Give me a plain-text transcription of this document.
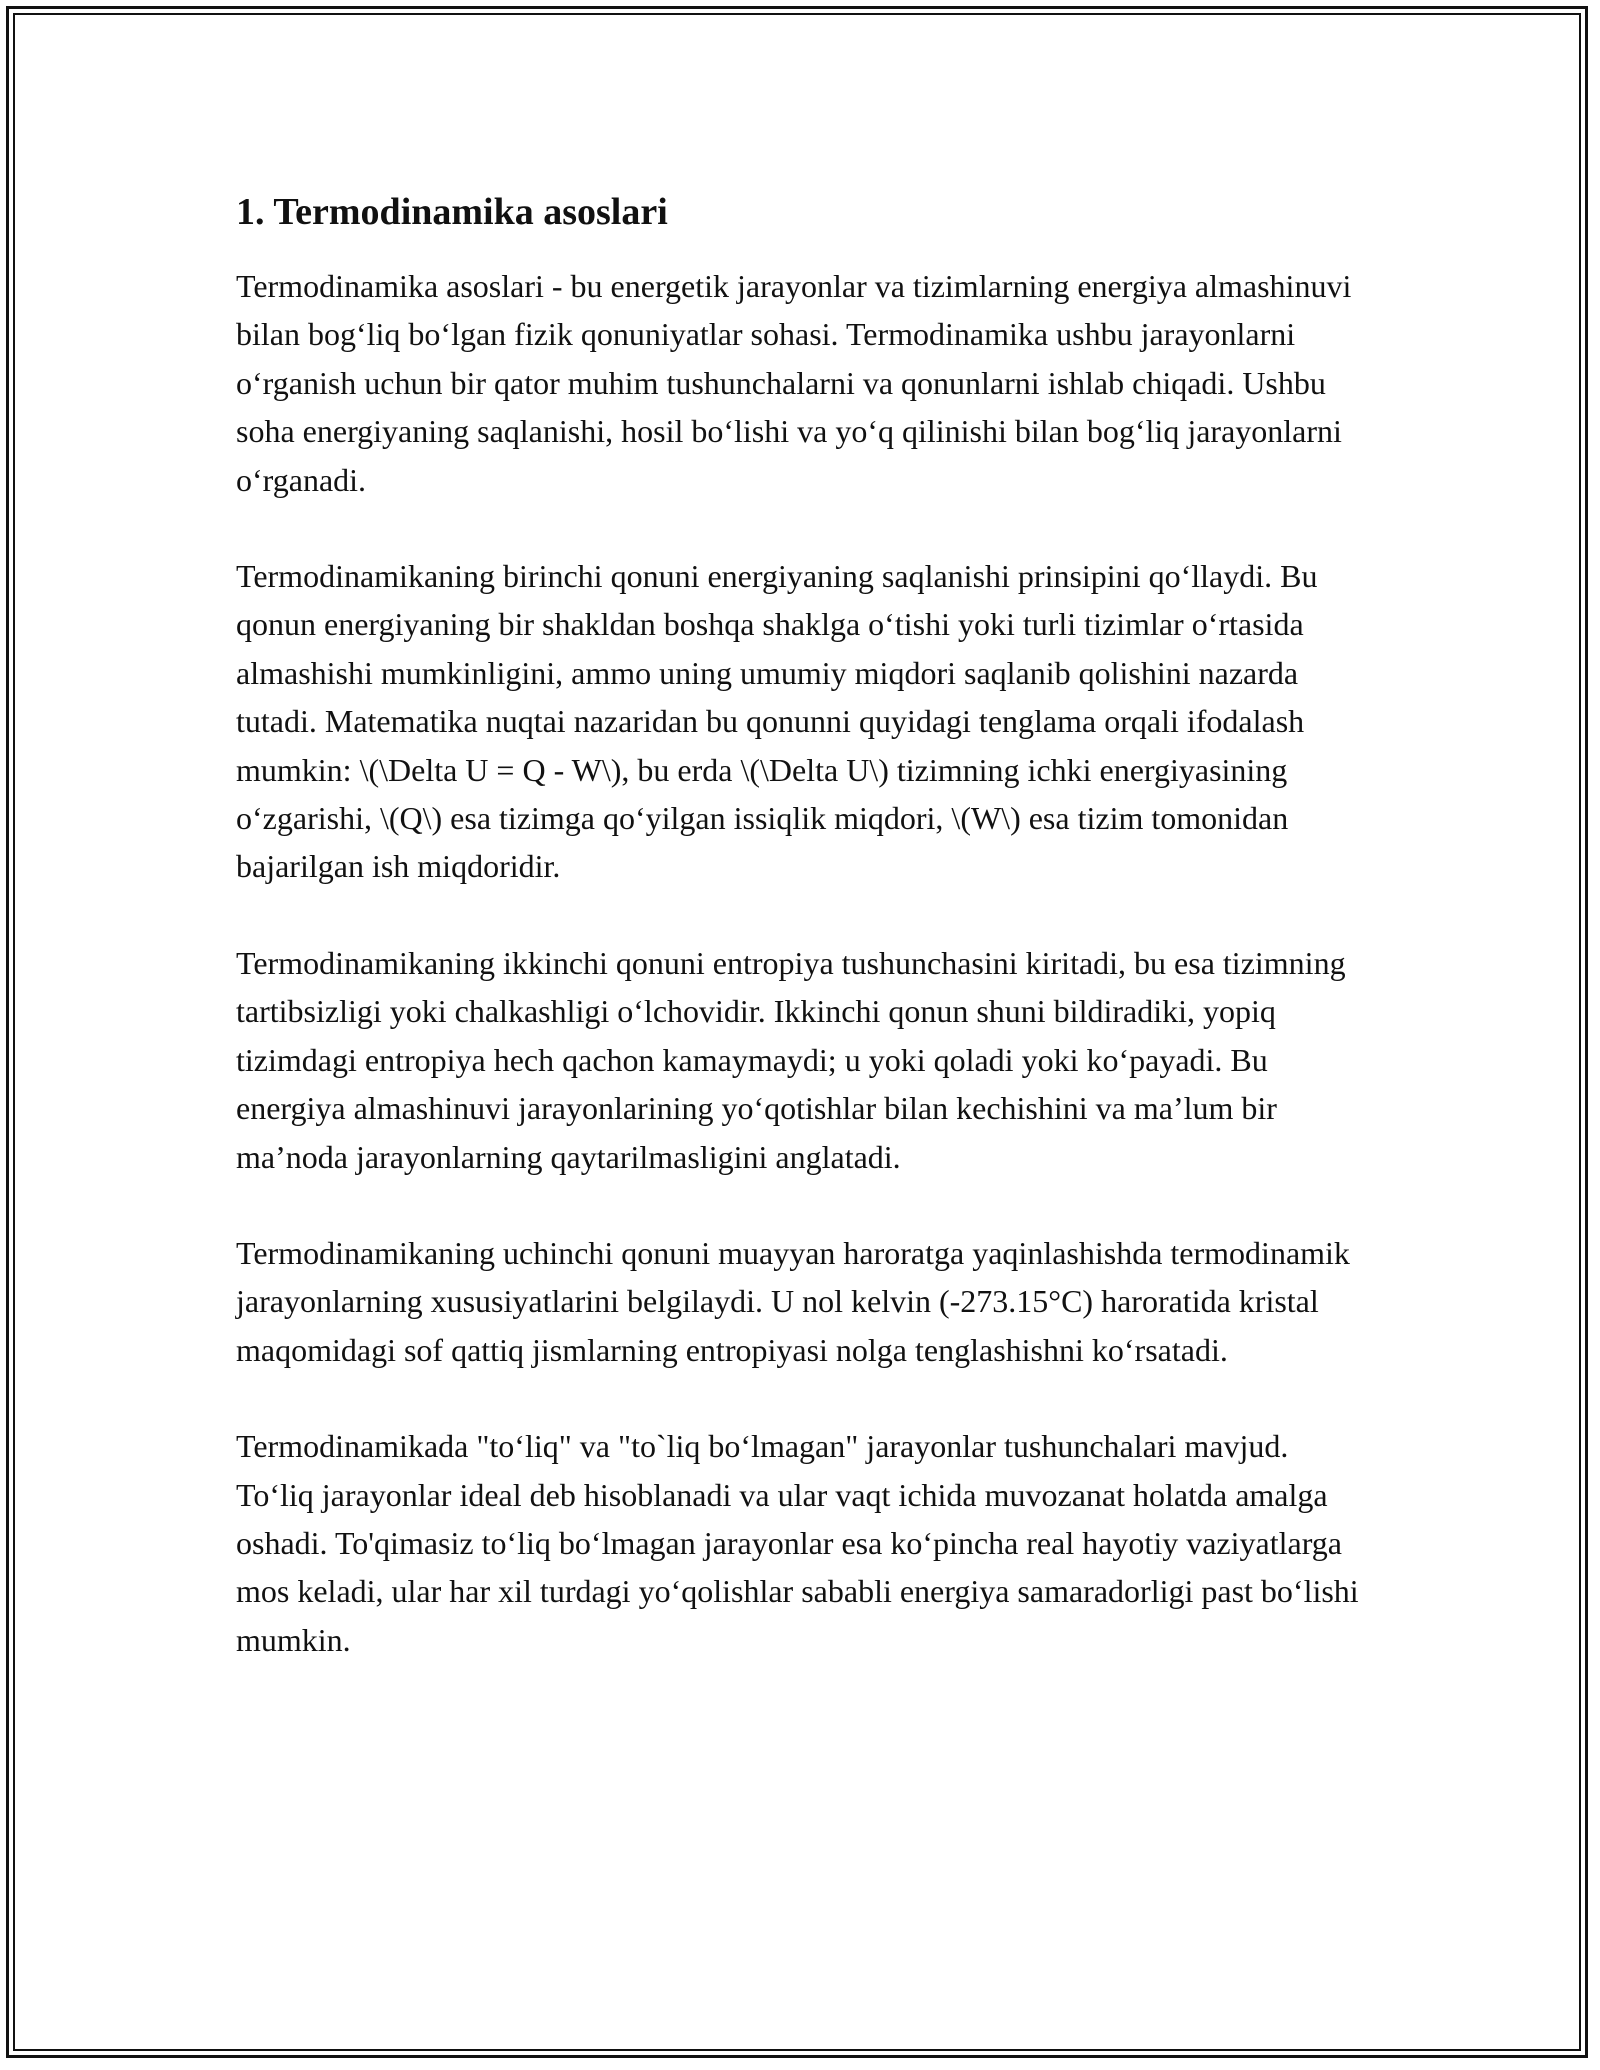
1. Termodinamika asoslari

Termodinamika asoslari - bu energetik jarayonlar va tizimlarning energiya almashinuvi bilan bog‘liq bo‘lgan fizik qonuniyatlar sohasi. Termodinamika ushbu jarayonlarni o‘rganish uchun bir qator muhim tushunchalarni va qonunlarni ishlab chiqadi. Ushbu soha energiyaning saqlanishi, hosil bo‘lishi va yo‘q qilinishi bilan bog‘liq jarayonlarni o‘rganadi.

Termodinamikaning birinchi qonuni energiyaning saqlanishi prinsipini qo‘llaydi. Bu qonun energiyaning bir shakldan boshqa shaklga o‘tishi yoki turli tizimlar o‘rtasida almashishi mumkinligini, ammo uning umumiy miqdori saqlanib qolishini nazarda tutadi. Matematika nuqtai nazaridan bu qonunni quyidagi tenglama orqali ifodalash mumkin: \(\Delta U = Q - W\), bu erda \(\Delta U\) tizimning ichki energiyasining o‘zgarishi, \(Q\) esa tizimga qo‘yilgan issiqlik miqdori, \(W\) esa tizim tomonidan bajarilgan ish miqdoridir.

Termodinamikaning ikkinchi qonuni entropiya tushunchasini kiritadi, bu esa tizimning tartibsizligi yoki chalkashligi o‘lchovidir. Ikkinchi qonun shuni bildiradiki, yopiq tizimdagi entropiya hech qachon kamaymaydi; u yoki qoladi yoki ko‘payadi. Bu energiya almashinuvi jarayonlarining yo‘qotishlar bilan kechishini va ma’lum bir ma’noda jarayonlarning qaytarilmasligini anglatadi.

Termodinamikaning uchinchi qonuni muayyan haroratga yaqinlashishda termodinamik jarayonlarning xususiyatlarini belgilaydi. U nol kelvin (-273.15°C) haroratida kristal maqomidagi sof qattiq jismlarning entropiyasi nolga tenglashishni ko‘rsatadi.

Termodinamikada "to‘liq" va "to`liq bo‘lmagan" jarayonlar tushunchalari mavjud. To‘liq jarayonlar ideal deb hisoblanadi va ular vaqt ichida muvozanat holatda amalga oshadi. To'qimasiz to‘liq bo‘lmagan jarayonlar esa ko‘pincha real hayotiy vaziyatlarga mos keladi, ular har xil turdagi yo‘qolishlar sababli energiya samaradorligi past bo‘lishi mumkin.
